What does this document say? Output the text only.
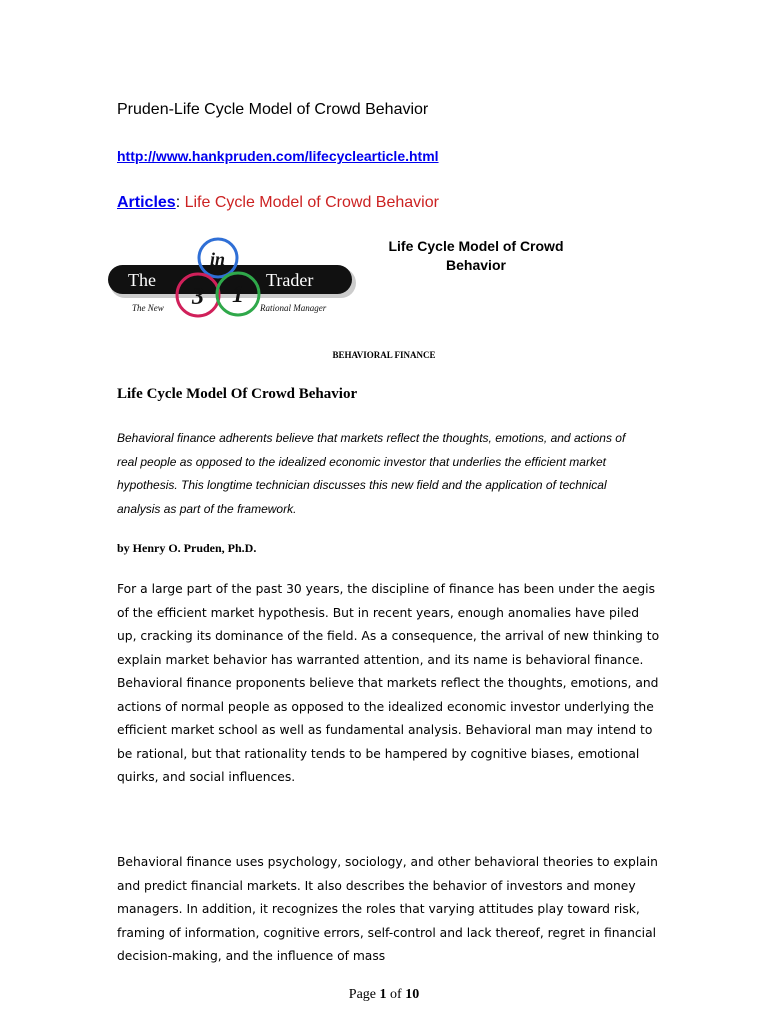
Pruden-Life Cycle Model of Crowd Behavior
http://www.hankpruden.com/lifecyclearticle.html
Articles: Life Cycle Model of Crowd Behavior
The	Trader
in
3 1
The New	Rational Manager
Life Cycle Model of Crowd Behavior
BEHAVIORAL FINANCE
Life Cycle Model Of Crowd Behavior
Behavioral finance adherents believe that markets reflect the thoughts, emotions, and actions of real people as opposed to the idealized economic investor that underlies the efficient market hypothesis. This longtime technician discusses this new field and the application of technical analysis as part of the framework.
by Henry O. Pruden, Ph.D.
For a large part of the past 30 years, the discipline of finance has been under the aegis of the efficient market hypothesis. But in recent years, enough anomalies have piled up, cracking its dominance of the field. As a consequence, the arrival of new thinking to explain market behavior has warranted attention, and its name is behavioral finance.
Behavioral finance proponents believe that markets reflect the thoughts, emotions, and actions of normal people as opposed to the idealized economic investor underlying the efficient market school as well as fundamental analysis. Behavioral man may intend to be rational, but that rationality tends to be hampered by cognitive biases, emotional quirks, and social influences.
Behavioral finance uses psychology, sociology, and other behavioral theories to explain and predict financial markets. It also describes the behavior of investors and money managers. In addition, it recognizes the roles that varying attitudes play toward risk, framing of information, cognitive errors, self-control and lack thereof, regret in financial decision-making, and the influence of mass
Page 1 of 10
